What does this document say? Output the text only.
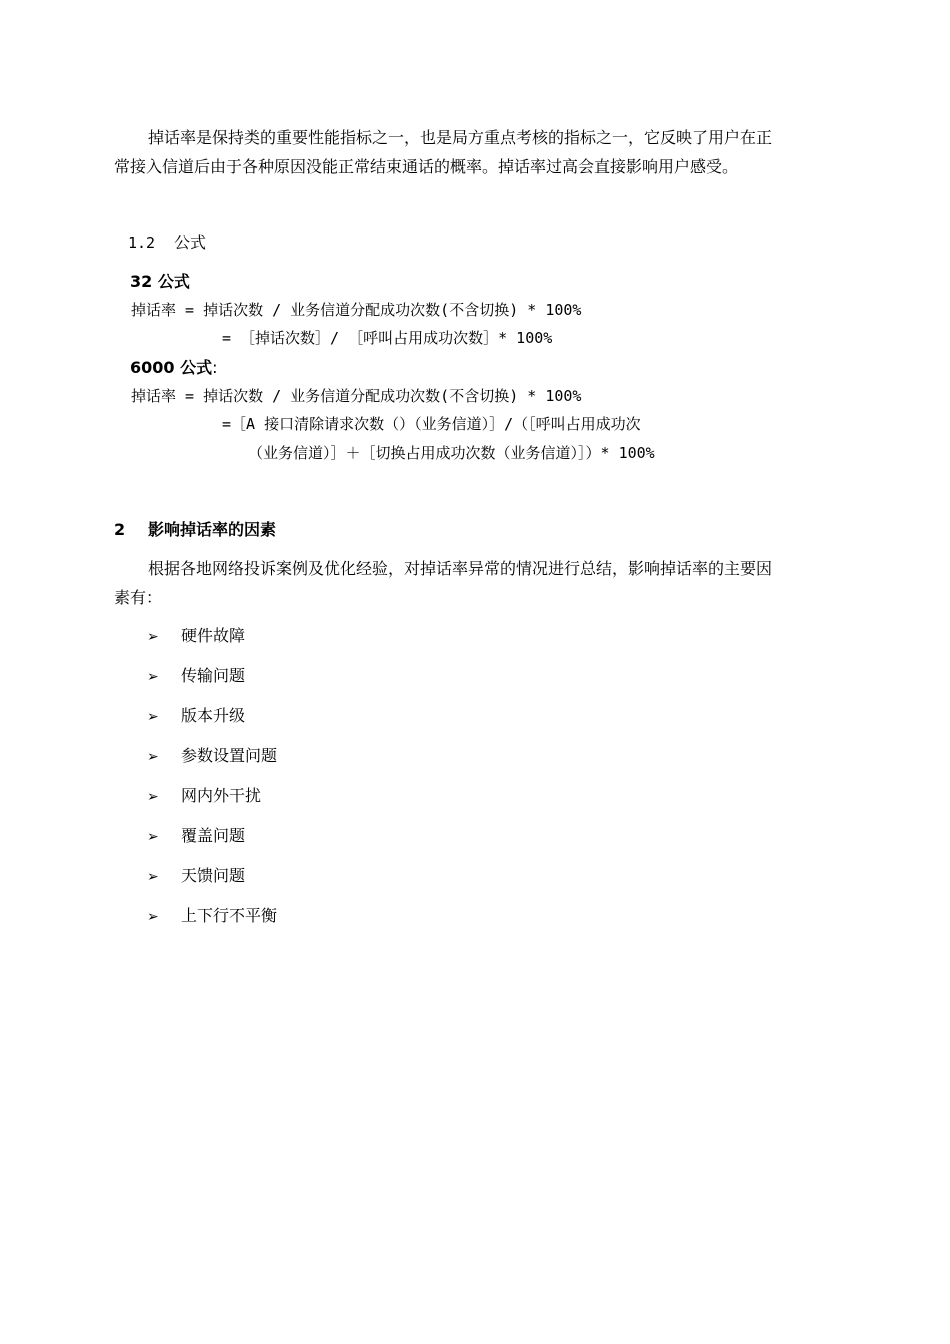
掉话率是保持类的重要性能指标之一，也是局方重点考核的指标之一，它反映了用户在正
常接入信道后由于各种原因没能正常结束通话的概率。掉话率过高会直接影响用户感受。
1.2 公式
32 公式
掉话率 = 掉话次数 / 业务信道分配成功次数(不含切换) * 100%
= ［掉话次数］/ ［呼叫占用成功次数］* 100%
6000 公式:
掉话率 = 掉话次数 / 业务信道分配成功次数(不含切换) * 100%
=［A 接口清除请求次数（）（业务信道）］/（［呼叫占用成功次
（业务信道）］＋［切换占用成功次数（业务信道）］）* 100%
2 影响掉话率的因素
根据各地网络投诉案例及优化经验，对掉话率异常的情况进行总结，影响掉话率的主要因
素有：
➢ 硬件故障
➢ 传输问题
➢ 版本升级
➢ 参数设置问题
➢ 网内外干扰
➢ 覆盖问题
➢ 天馈问题
➢ 上下行不平衡
